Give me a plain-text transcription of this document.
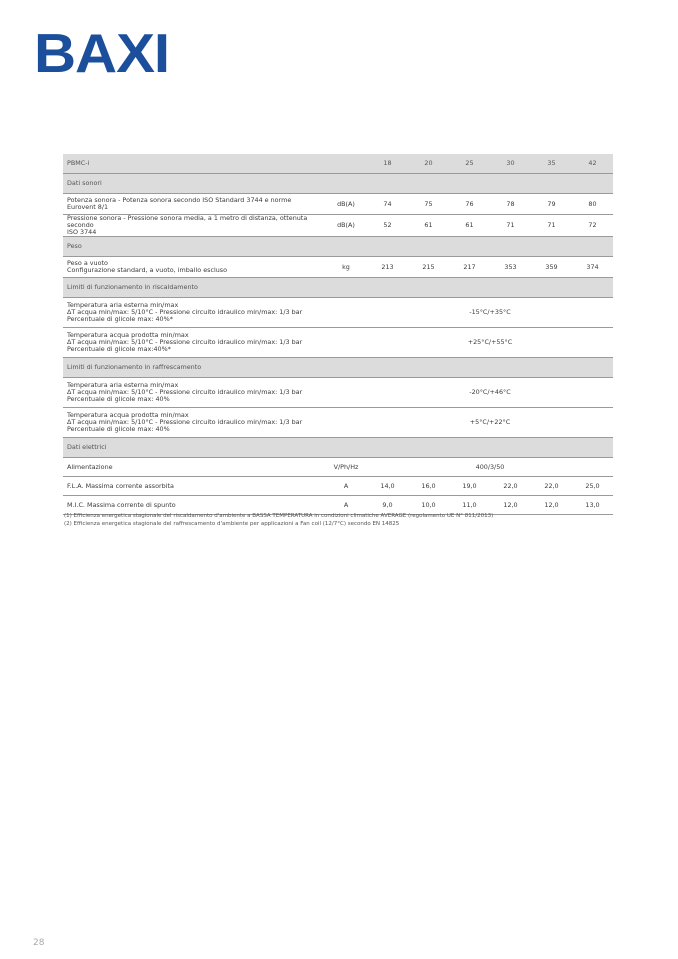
BAXI
PBMC-i		18	20	25	30	35	42
Dati sonori							

Potenza sonora - Potenza sonora secondo ISO Standard 3744 e norme Eurovent 8/1	dB(A)	74	75	76	78	79	80

Pressione sonora - Pressione sonora media, a 1 metro di distanza, ottenuta secondo
ISO 3744	dB(A)	52	61	61	71	71	72
Peso							

Peso a vuoto
Configurazione standard, a vuoto, imballo escluso	kg	213	215	217	353	359	374
Limiti di funzionamento in riscaldamento							

Temperatura aria esterna min/max
ΔT acqua min/max: 5/10°C - Pressione circuito idraulico min/max: 1/3 bar
Percentuale di glicole max: 40%*		-15°C/+35°C					

Temperatura acqua prodotta min/max
ΔT acqua min/max: 5/10°C - Pressione circuito idraulico min/max: 1/3 bar
Percentuale di glicole max:40%*		+25°C/+55°C					
Limiti di funzionamento in raffrescamento							

Temperatura aria esterna min/max
ΔT acqua min/max: 5/10°C - Pressione circuito idraulico min/max: 1/3 bar
Percentuale di glicole max: 40%		-20°C/+46°C					

Temperatura acqua prodotta min/max
ΔT acqua min/max: 5/10°C - Pressione circuito idraulico min/max: 1/3 bar
Percentuale di glicole max: 40%		+5°C/+22°C					
Dati elettrici							
Alimentazione	V/Ph/Hz	400/3/50					
F.L.A. Massima corrente assorbita	A	14,0	16,0	19,0	22,0	22,0	25,0
M.I.C. Massima corrente di spunto	A	9,0	10,0	11,0	12,0	12,0	13,0
(1) Efficienza energetica stagionale del riscaldamento d'ambiente a BASSA TEMPERATURA in condizioni climatiche AVERAGE (regolamento UE N° 811/2013)
(2) Efficienza energetica stagionale del raffrescamento d'ambiente per applicazioni a Fan coil (12/7°C) secondo EN 14825
28
